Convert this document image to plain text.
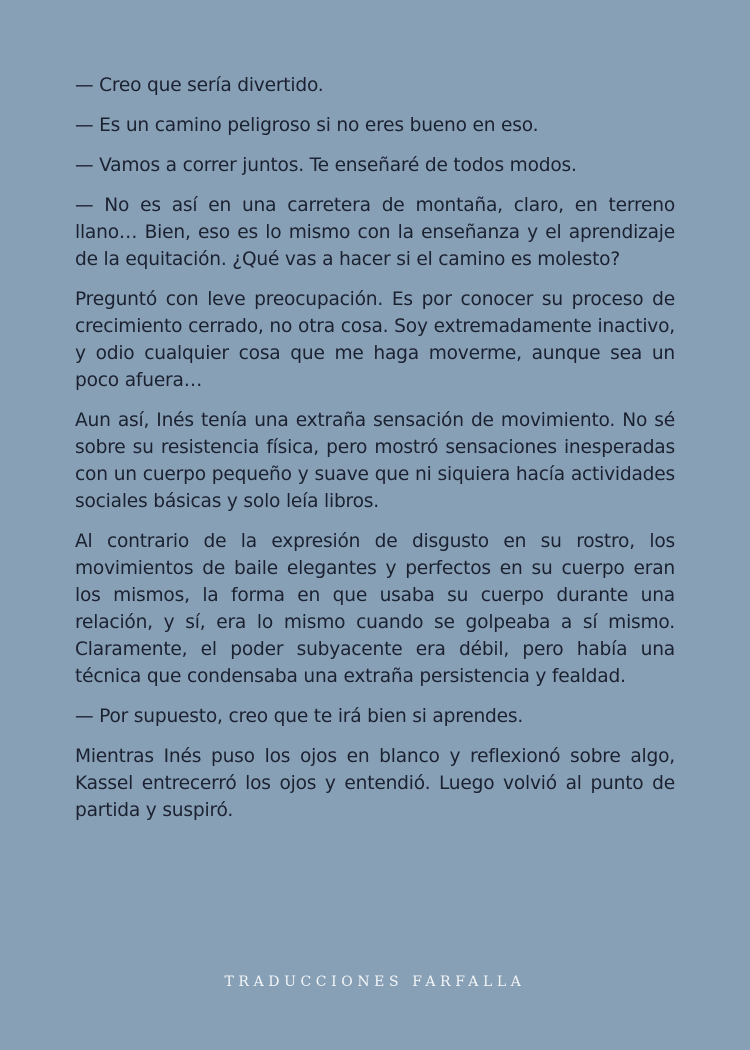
— Creo que sería divertido.

— Es un camino peligroso si no eres bueno en eso.

— Vamos a correr juntos. Te enseñaré de todos modos.

— No es así en una carretera de montaña, claro, en terreno llano… Bien, eso es lo mismo con la enseñanza y el aprendizaje de la equitación. ¿Qué vas a hacer si el camino es molesto?

Preguntó con leve preocupación. Es por conocer su proceso de crecimiento cerrado, no otra cosa. Soy extremadamente inactivo, y odio cualquier cosa que me haga moverme, aunque sea un poco afuera…

Aun así, Inés tenía una extraña sensación de movimiento. No sé sobre su resistencia física, pero mostró sensaciones inesperadas con un cuerpo pequeño y suave que ni siquiera hacía actividades sociales básicas y solo leía libros.

Al contrario de la expresión de disgusto en su rostro, los movimientos de baile elegantes y perfectos en su cuerpo eran los mismos, la forma en que usaba su cuerpo durante una relación, y sí, era lo mismo cuando se golpeaba a sí mismo. Claramente, el poder subyacente era débil, pero había una técnica que condensaba una extraña persistencia y fealdad.

— Por supuesto, creo que te irá bien si aprendes.

Mientras Inés puso los ojos en blanco y reflexionó sobre algo, Kassel entrecerró los ojos y entendió. Luego volvió al punto de partida y suspiró.

TRADUCCIONES FARFALLA
